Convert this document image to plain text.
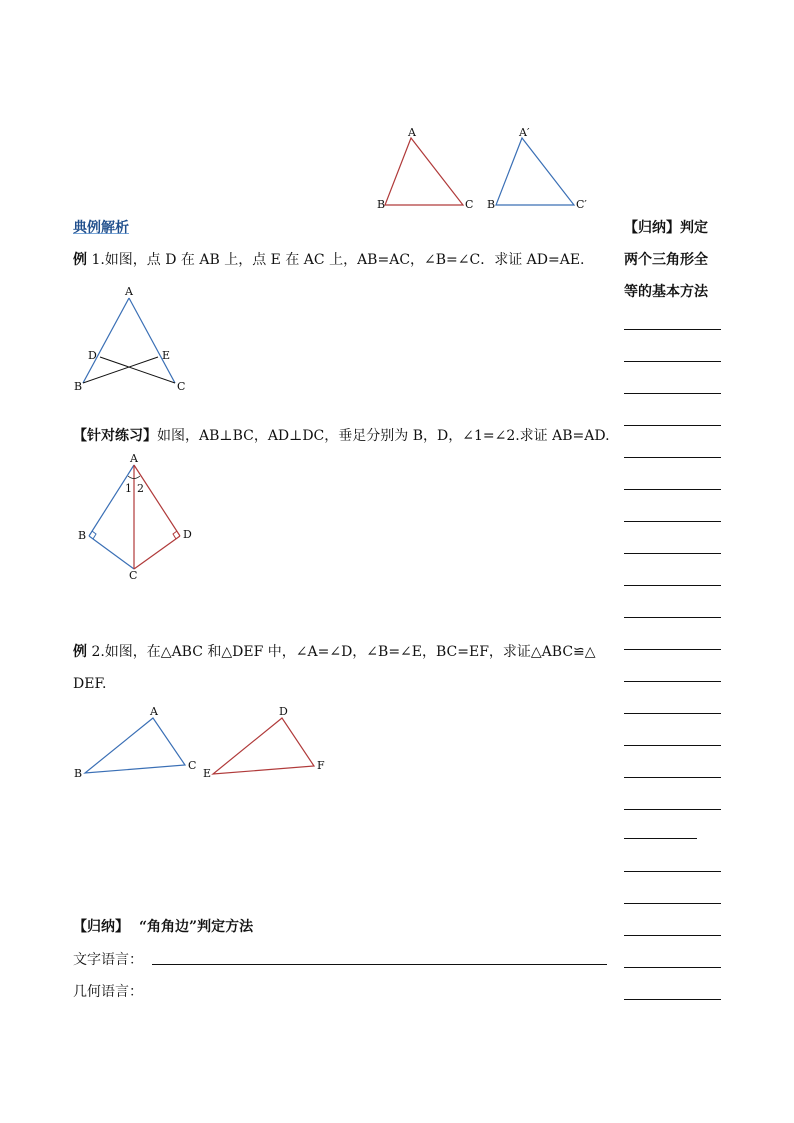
A
B	C
A′
B	C′
典例解析
例 1.如图，点 D 在 AB 上，点 E 在 AC 上，AB=AC，∠B=∠C．求证 AD=AE.
A
D	E
B	C
【针对练习】如图，AB⊥BC，AD⊥DC，垂足分别为 B，D，∠1=∠2.求证 AB=AD.
A
1 2
B	D
C
例 2.如图，在△ABC 和△DEF 中，∠A=∠D，∠B=∠E，BC=EF，求证△ABC≌△
DEF.
A
B
C
D
E
F
【归纳】 “角角边”判定方法
文字语言：
几何语言：
【归纳】判定
两个三角形全
等的基本方法
